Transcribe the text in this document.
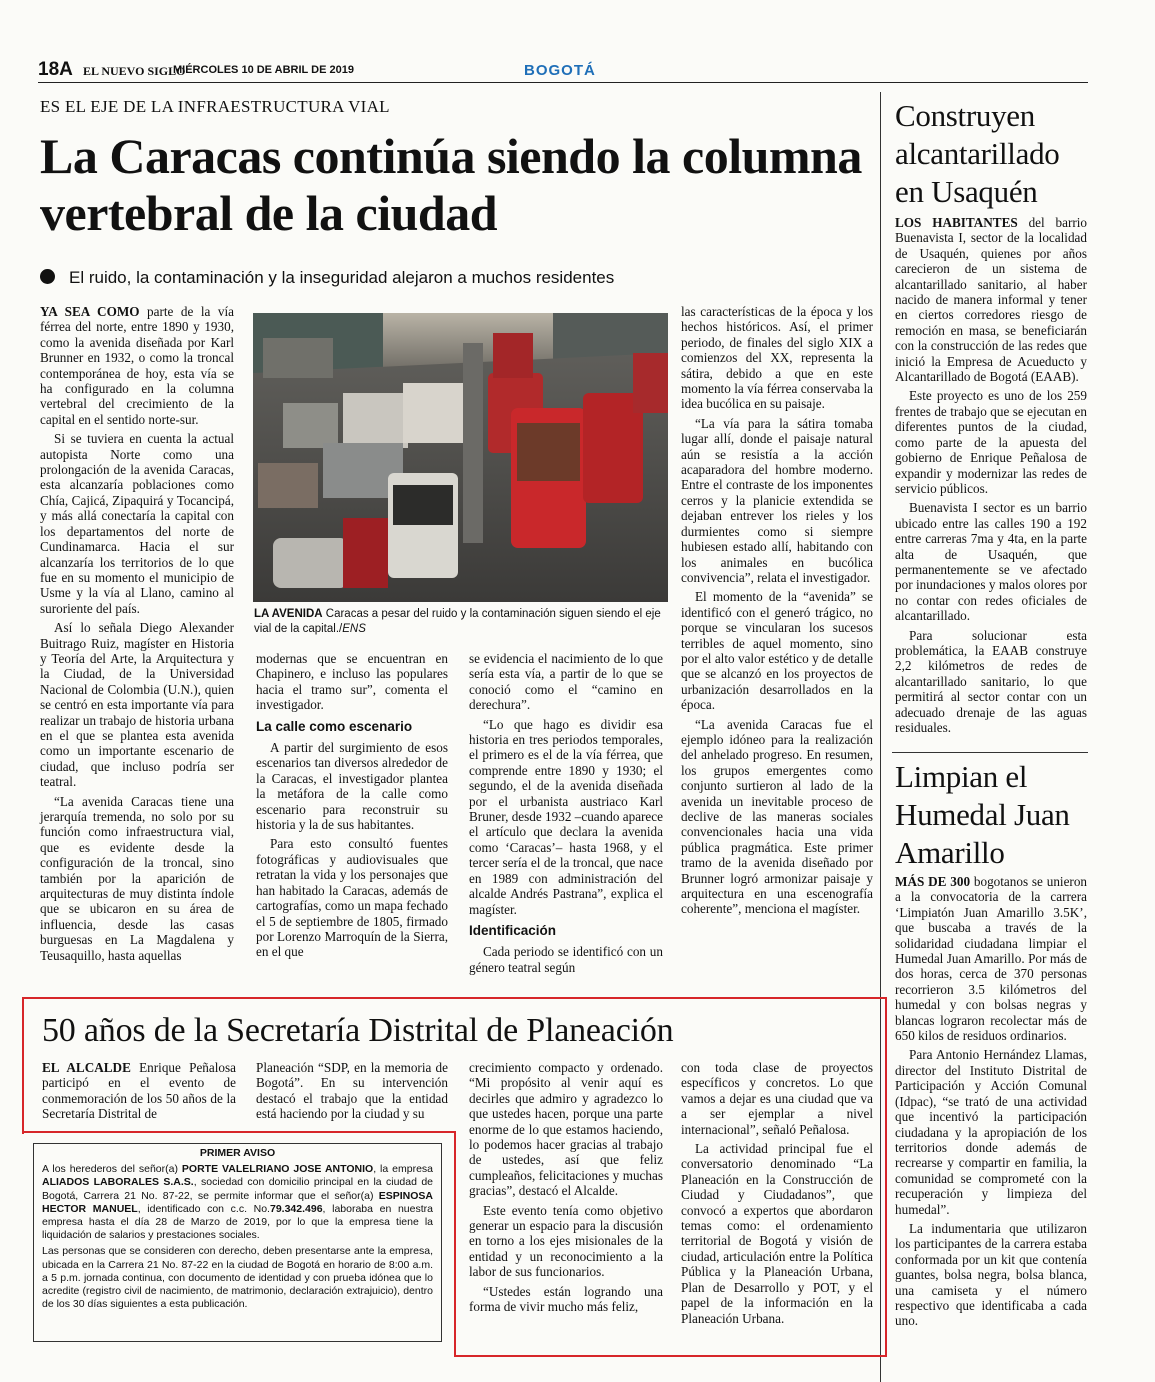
18A EL NUEVO SIGLO
MIÉRCOLES 10 DE ABRIL DE 2019	BOGOTÁ
ES EL EJE DE LA INFRAESTRUCTURA VIAL
La Caracas continúa siendo la columna vertebral de la ciudad
El ruido, la contaminación y la inseguridad alejaron a muchos residentes

YA SEA COMO parte de la vía férrea del norte, entre 1890 y 1930, como la avenida diseñada por Karl Brunner en 1932, o como la troncal contemporánea de hoy, esta vía se ha configurado en la columna vertebral del crecimiento de la capital en el sentido norte-sur.

Si se tuviera en cuenta la actual autopista Norte como una prolongación de la avenida Caracas, esta alcanzaría poblaciones como Chía, Cajicá, Zipaquirá y Tocancipá, y más allá conectaría la capital con los departamentos del norte de Cundinamarca. Hacia el sur alcanzaría los territorios de lo que fue en su momento el municipio de Usme y la vía al Llano, camino al suroriente del país.

Así lo señala Diego Alexander Buitrago Ruiz, magíster en Historia y Teoría del Arte, la Arquitectura y la Ciudad, de la Universidad Nacional de Colombia (U.N.), quien se centró en esta importante vía para realizar un trabajo de historia urbana en el que se plantea esta avenida como un importante escenario de ciudad, que incluso podría ser teatral.

“La avenida Caracas tiene una jerarquía tremenda, no solo por su función como infraestructura vial, que es evidente desde la configuración de la troncal, sino también por la aparición de arquitecturas de muy distinta índole que se ubicaron en su área de influencia, desde las casas burguesas en La Magdalena y Teusaquillo, hasta aquellas

LA AVENIDA Caracas a pesar del ruido y la contaminación siguen siendo el eje vial de la capital./ENS

modernas que se encuentran en Chapinero, e incluso las populares hacia el tramo sur”, comenta el investigador.

La calle como escenario

A partir del surgimiento de esos escenarios tan diversos alrededor de la Caracas, el investigador plantea la metáfora de la calle como escenario para reconstruir su historia y la de sus habitantes.

Para esto consultó fuentes fotográficas y audiovisuales que retratan la vida y los personajes que han habitado la Caracas, además de cartografías, como un mapa fechado el 5 de septiembre de 1805, firmado por Lorenzo Marroquín de la Sierra, en el que

se evidencia el nacimiento de lo que sería esta vía, a partir de lo que se conoció como el “camino en derechura”.

“Lo que hago es dividir esa historia en tres periodos temporales, el primero es el de la vía férrea, que comprende entre 1890 y 1930; el segundo, el de la avenida diseñada por el urbanista austriaco Karl Bruner, desde 1932 –cuando aparece el artículo que declara la avenida como ‘Caracas’– hasta 1968, y el tercer sería el de la troncal, que nace en 1989 con administración del alcalde Andrés Pastrana”, explica el magíster.

Identificación

Cada periodo se identificó con un género teatral según

las características de la época y los hechos históricos. Así, el primer periodo, de finales del siglo XIX a comienzos del XX, representa la sátira, debido a que en este momento la vía férrea conservaba la idea bucólica en su paisaje.

“La vía para la sátira tomaba lugar allí, donde el paisaje natural aún se resistía a la acción acaparadora del hombre moderno. Entre el contraste de los imponentes cerros y la planicie extendida se dejaban entrever los rieles y los durmientes como si siempre hubiesen estado allí, habitando con los animales en bucólica convivencia”, relata el investigador.

El momento de la “avenida” se identificó con el generó trágico, no porque se vincularan los sucesos terribles de aquel momento, sino por el alto valor estético y de detalle que se alcanzó en los proyectos de urbanización desarrollados en la época.

“La avenida Caracas fue el ejemplo idóneo para la realización del anhelado progreso. En resumen, los grupos emergentes como conjunto surtieron al lado de la avenida un inevitable proceso de declive de las maneras sociales convencionales hacia una vida pública pragmática. Este primer tramo de la avenida diseñado por Brunner logró armonizar paisaje y arquitectura en una escenografía coherente”, menciona el magíster.

Construyen alcantarillado en Usaquén

LOS HABITANTES del barrio Buenavista I, sector de la localidad de Usaquén, quienes por años carecieron de un sistema de alcantarillado sanitario, al haber nacido de manera informal y tener en ciertos corredores riesgo de remoción en masa, se beneficiarán con la construcción de las redes que inició la Empresa de Acueducto y Alcantarillado de Bogotá (EAAB).

Este proyecto es uno de los 259 frentes de trabajo que se ejecutan en diferentes puntos de la ciudad, como parte de la apuesta del gobierno de Enrique Peñalosa de expandir y modernizar las redes de servicio públicos.

Buenavista I sector es un barrio ubicado entre las calles 190 a 192 entre carreras 7ma y 4ta, en la parte alta de Usaquén, que permanentemente se ve afectado por inundaciones y malos olores por no contar con redes oficiales de alcantarillado.

Para solucionar esta problemática, la EAAB construye 2,2 kilómetros de redes de alcantarillado sanitario, lo que permitirá al sector contar con un adecuado drenaje de las aguas residuales.

Limpian el Humedal Juan Amarillo

MÁS DE 300 bogotanos se unieron a la convocatoria de la carrera ‘Limpiatón Juan Amarillo 3.5K’, que buscaba a través de la solidaridad ciudadana limpiar el Humedal Juan Amarillo. Por más de dos horas, cerca de 370 personas recorrieron 3.5 kilómetros del humedal y con bolsas negras y blancas lograron recolectar más de 650 kilos de residuos ordinarios.

Para Antonio Hernández Llamas, director del Instituto Distrital de Participación y Acción Comunal (Idpac), “se trató de una actividad que incentivó la participación ciudadana y la apropiación de los territorios donde además de recrearse y compartir en familia, la comunidad se comprometé con la recuperación y limpieza del humedal”.

La indumentaria que utilizaron los participantes de la carrera estaba conformada por un kit que contenía guantes, bolsa negra, bolsa blanca, una camiseta y el número respectivo que identificaba a cada uno.

50 años de la Secretaría Distrital de Planeación

EL ALCALDE Enrique Peñalosa participó en el evento de conmemoración de los 50 años de la Secretaría Distrital de

Planeación “SDP, en la memoria de Bogotá”. En su intervención destacó el trabajo que la entidad está haciendo por la ciudad y su

crecimiento compacto y ordenado. “Mi propósito al venir aquí es decirles que admiro y agradezco lo que ustedes hacen, porque una parte enorme de lo que estamos haciendo, lo podemos hacer gracias al trabajo de ustedes, así que feliz cumpleaños, felicitaciones y muchas gracias”, destacó el Alcalde.

Este evento tenía como objetivo generar un espacio para la discusión en torno a los ejes misionales de la entidad y un reconocimiento a la labor de sus funcionarios.

“Ustedes están logrando una forma de vivir mucho más feliz,

con toda clase de proyectos específicos y concretos. Lo que vamos a dejar es una ciudad que va a ser ejemplar a nivel internacional”, señaló Peñalosa.

La actividad principal fue el conversatorio denominado “La Planeación en la Construcción de Ciudad y Ciudadanos”, que convocó a expertos que abordaron temas como: el ordenamiento territorial de Bogotá y visión de ciudad, articulación entre la Política Pública y la Planeación Urbana, Plan de Desarrollo y POT, y el papel de la información en la Planeación Urbana.

PRIMER AVISO

A los herederos del señor(a) PORTE VALELRIANO JOSE ANTONIO, la empresa ALIADOS LABORALES S.A.S., sociedad con domicilio principal en la ciudad de Bogotá, Carrera 21 No. 87-22, se permite informar que el señor(a) ESPINOSA HECTOR MANUEL, identificado con c.c. No.79.342.496, laboraba en nuestra empresa hasta el día 28 de Marzo de 2019, por lo que la empresa tiene la liquidación de salarios y prestaciones sociales.

Las personas que se consideren con derecho, deben presentarse ante la empresa, ubicada en la Carrera 21 No. 87-22 en la ciudad de Bogotá en horario de 8:00 a.m. a 5 p.m. jornada continua, con documento de identidad y con prueba idónea que lo acredite (registro civil de nacimiento, de matrimonio, declaración extrajuicio), dentro de los 30 días siguientes a esta publicación.
